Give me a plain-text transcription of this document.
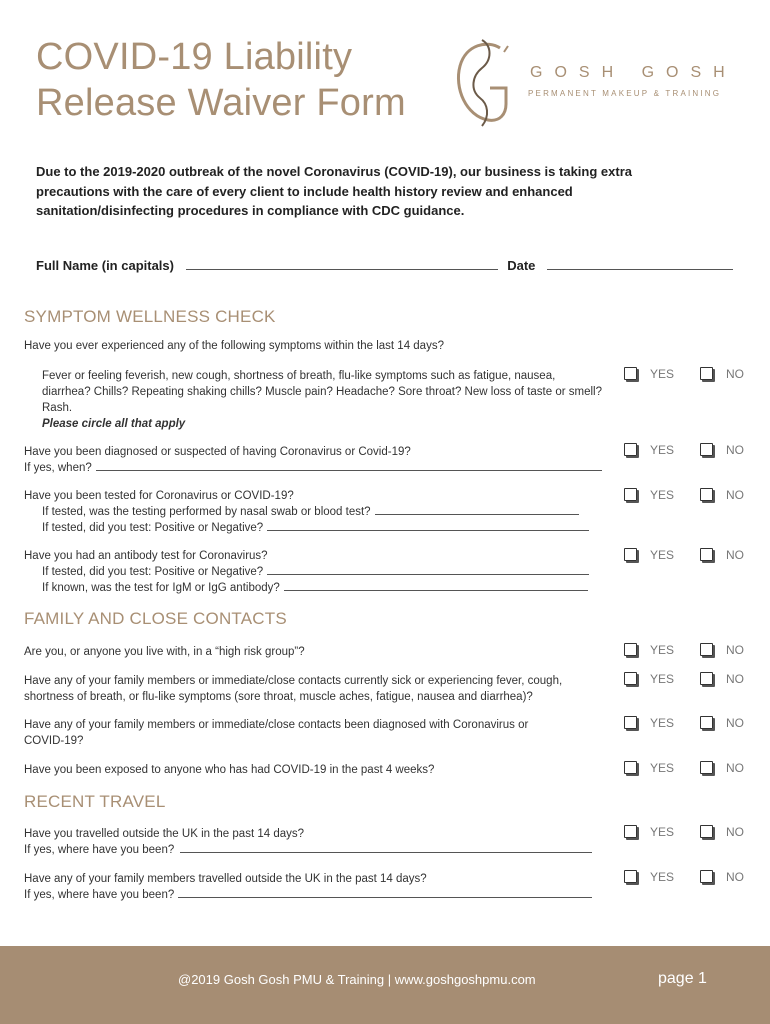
COVID-19 Liability
Release Waiver Form
GOSH GOSH
PERMANENT MAKEUP & TRAINING
Due to the 2019-2020 outbreak of the novel Coronavirus (COVID-19), our business is taking extra precautions with the care of every client to include health history review and enhanced sanitation/disinfecting procedures in compliance with CDC guidance.
Full Name (in capitals)	Date
SYMPTOM WELLNESS CHECK
Have you ever experienced any of the following symptoms within the last 14 days?
Fever or feeling feverish, new cough, shortness of breath, flu-like symptoms such as fatigue, nausea, diarrhea? Chills? Repeating shaking chills? Muscle pain? Headache? Sore throat? New loss of taste or smell? Rash.
Please circle all that apply
YES	NO
Have you been diagnosed or suspected of having Coronavirus or Covid-19?
If yes, when?
YES	NO
Have you been tested for Coronavirus or COVID-19?
If tested, was the testing performed by nasal swab or blood test?
If tested, did you test: Positive or Negative?
YES	NO
Have you had an antibody test for Coronavirus?
If tested, did you test: Positive or Negative?
If known, was the test for IgM or IgG antibody?
YES	NO
FAMILY AND CLOSE CONTACTS
Are you, or anyone you live with, in a “high risk group”?	YES	NO
Have any of your family members or immediate/close contacts currently sick or experiencing fever, cough, shortness of breath, or flu-like symptoms (sore throat, muscle aches, fatigue, nausea and diarrhea)?
YES	NO
Have any of your family members or immediate/close contacts been diagnosed with Coronavirus or COVID-19?
YES	NO
Have you been exposed to anyone who has had COVID-19 in the past 4 weeks?	YES	NO
RECENT TRAVEL
Have you travelled outside the UK in the past 14 days?
If yes, where have you been?
YES	NO
Have any of your family members travelled outside the UK in the past 14 days?
If yes, where have you been?
YES	NO
@2019 Gosh Gosh PMU & Training | www.goshgoshpmu.com	page 1
